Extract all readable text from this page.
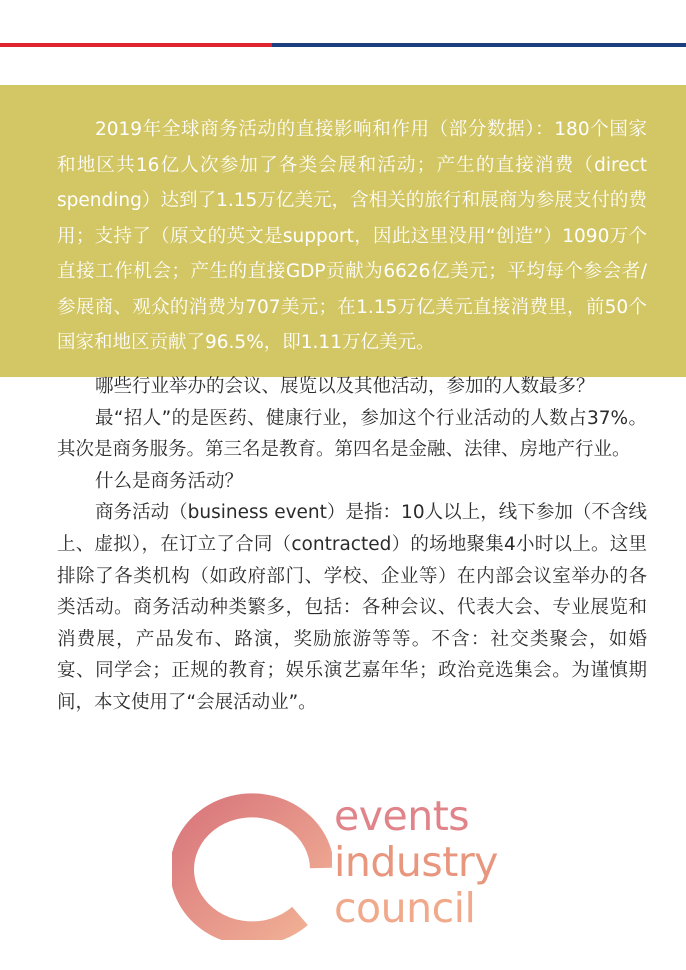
2019年全球商务活动的直接影响和作用（部分数据）：180个国家和地区共16亿人次参加了各类会展和活动；产生的直接消费（direct spending）达到了1.15万亿美元，含相关的旅行和展商为参展支付的费用；支持了（原文的英文是support，因此这里没用“创造”）1090万个直接工作机会；产生的直接GDP贡献为6626亿美元；平均每个参会者/参展商、观众的消费为707美元；在1.15万亿美元直接消费里，前50个国家和地区贡献了96.5%，即1.11万亿美元。

哪些行业举办的会议、展览以及其他活动，参加的人数最多？

最“招人”的是医药、健康行业，参加这个行业活动的人数占37%。其次是商务服务。第三名是教育。第四名是金融、法律、房地产行业。

什么是商务活动？

商务活动（business event）是指：10人以上，线下参加（不含线上、虚拟），在订立了合同（contracted）的场地聚集4小时以上。这里排除了各类机构（如政府部门、学校、企业等）在内部会议室举办的各类活动。商务活动种类繁多，包括：各种会议、代表大会、专业展览和消费展，产品发布、路演，奖励旅游等等。不含：社交类聚会，如婚宴、同学会；正规的教育；娱乐演艺嘉年华；政治竞选集会。为谨慎期间，本文使用了“会展活动业”。

events
industry
council
